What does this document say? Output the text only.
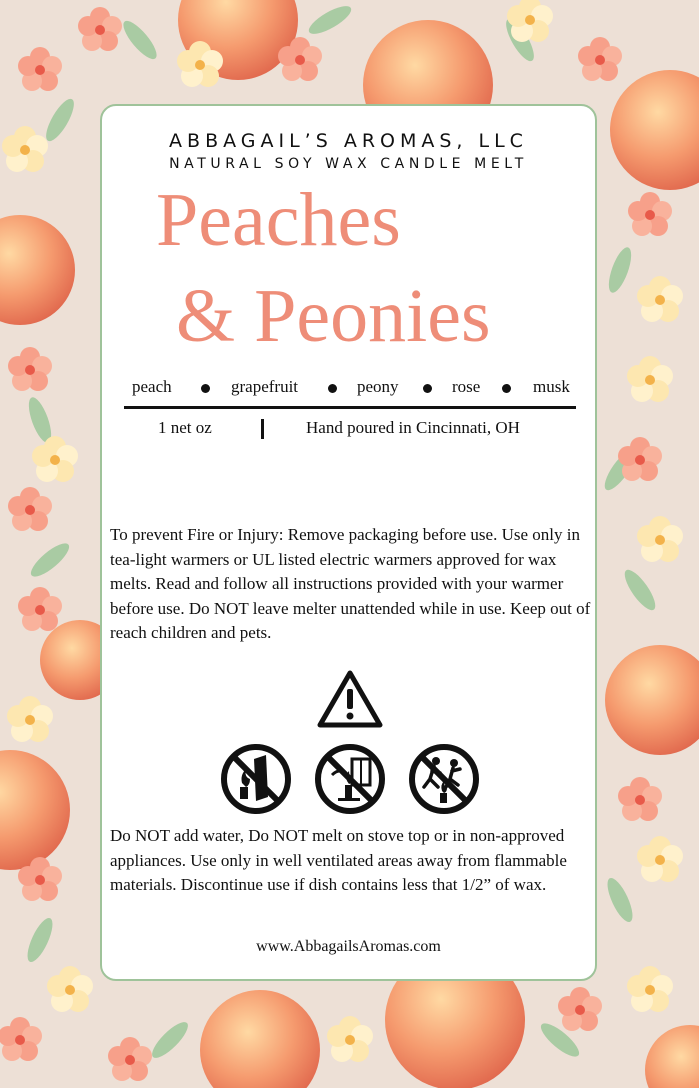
ABBAGAIL’S AROMAS, LLC
NATURAL SOY WAX CANDLE MELT
Peaches
& Peonies
peach	grapefruit	peony	rose	musk
1 net oz	Hand poured in Cincinnati, OH
To prevent Fire or Injury: Remove packaging before use. Use only in tea-light warmers or UL listed electric warmers approved for wax melts. Read and follow all instructions provided with your warmer before use. Do NOT leave melter unattended while in use. Keep out of reach children and pets.
Do NOT add water, Do NOT melt on stove top or in non-approved appliances. Use only in well ventilated areas away from flammable materials. Discontinue use if dish contains less that 1/2” of wax.
www.AbbagailsAromas.com
